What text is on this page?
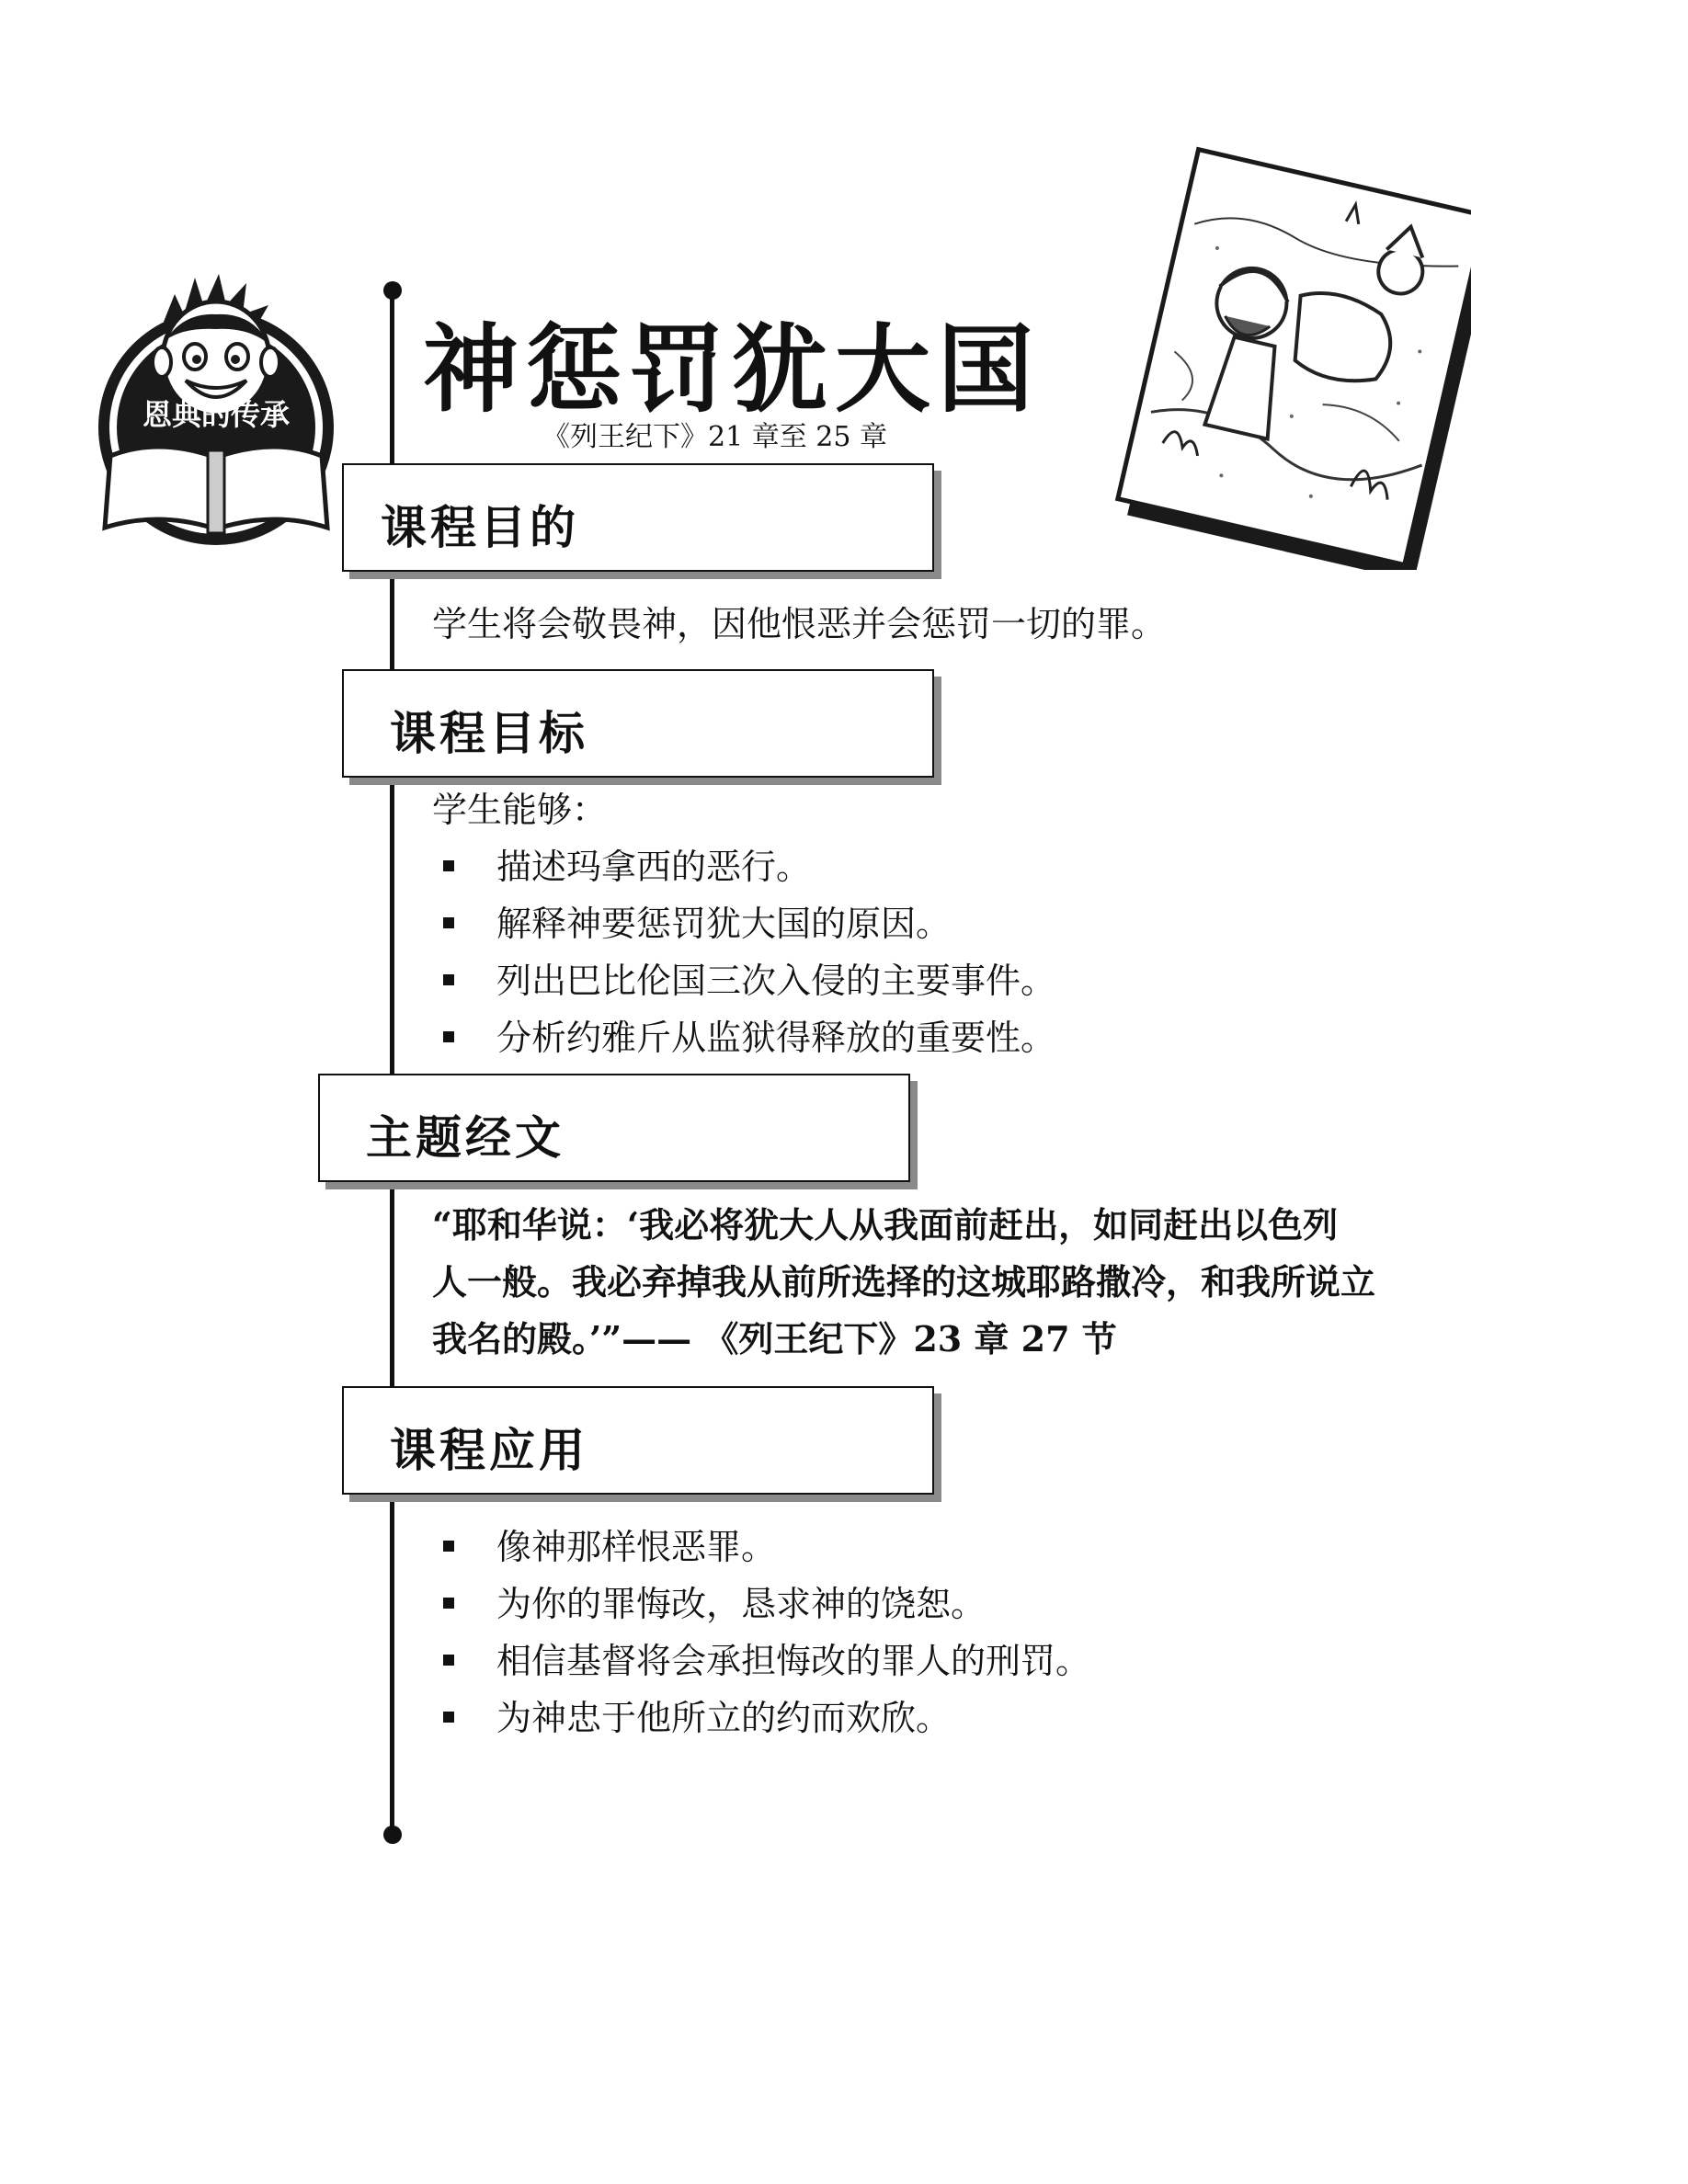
恩典的传承 神惩罚犹大国
《列王纪下》21 章至 25 章
课程目的
学生将会敬畏神，因他恨恶并会惩罚一切的罪。
课程目标
学生能够：
描述玛拿西的恶行。
解释神要惩罚犹大国的原因。
列出巴比伦国三次入侵的主要事件。
分析约雅斤从监狱得释放的重要性。
主题经文
“耶和华说：‘我必将犹大人从我面前赶出，如同赶出以色列
人一般。我必弃掉我从前所选择的这城耶路撒冷，和我所说立
我名的殿。’”—— 《列王纪下》23 章 27 节
课程应用
像神那样恨恶罪。
为你的罪悔改，恳求神的饶恕。
相信基督将会承担悔改的罪人的刑罚。
为神忠于他所立的约而欢欣。
